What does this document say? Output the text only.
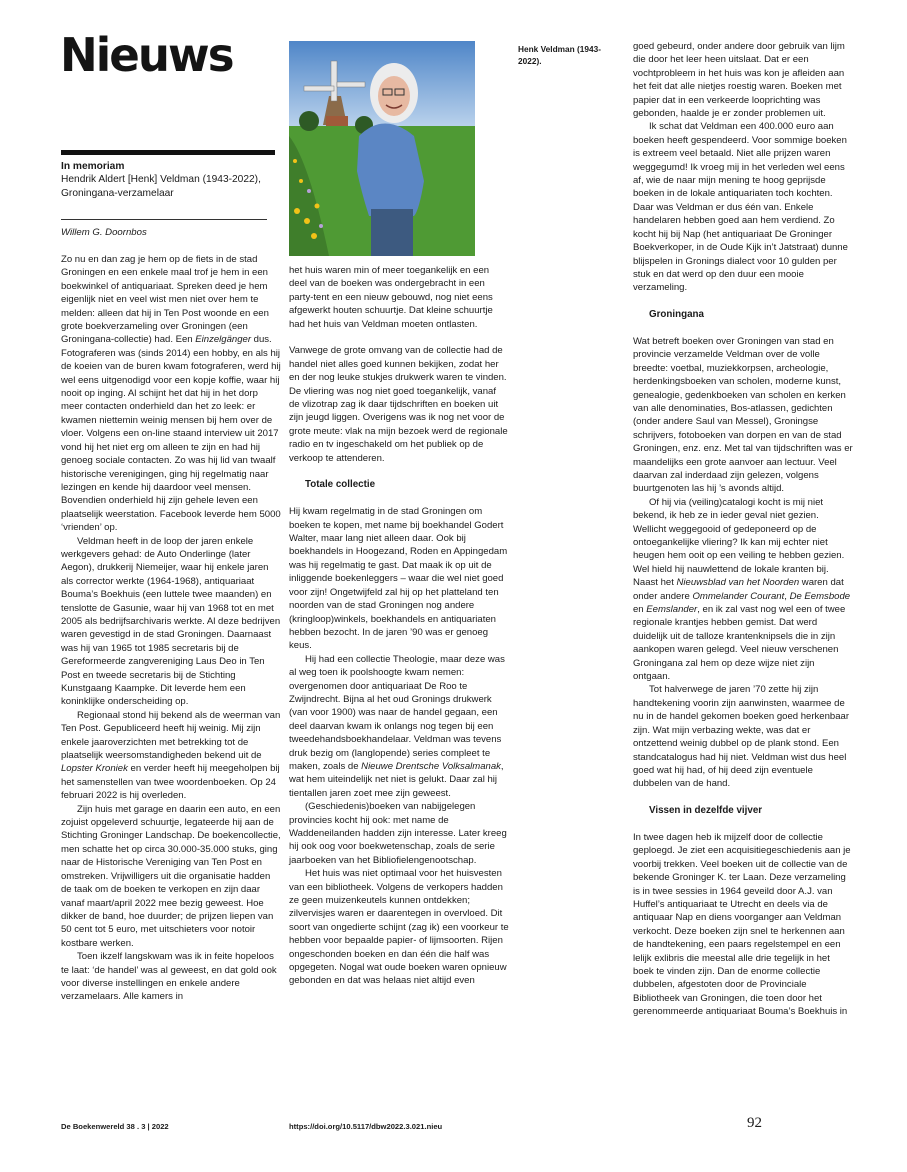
Nieuws
In memoriam
Hendrik Aldert [Henk] Veldman (1943-2022), Groningana-verzamelaar
Willem G. Doornbos
Henk Veldman (1943-2022).

Zo nu en dan zag je hem op de fiets in de stad Groningen en een enkele maal trof je hem in een boekwinkel of antiquariaat. Spreken deed je hem eigenlijk niet en veel wist men niet over hem te melden: alleen dat hij in Ten Post woonde en een grote boekverzameling over Groningen (een Groningana-collectie) had. Een Einzelgänger dus. Fotograferen was (sinds 2014) een hobby, en als hij de koeien van de buren kwam fotograferen, werd hij wel eens uitgenodigd voor een kopje koffie, waar hij nooit op inging. Al schijnt het dat hij in het dorp meer contacten onderhield dan het zo leek: er kwamen niettemin weinig mensen bij hem over de vloer. Volgens een on-line staand interview uit 2017 vond hij het niet erg om alleen te zijn en had hij genoeg sociale contacten. Zo was hij lid van twaalf historische verenigingen, ging hij regelmatig naar lezingen en kende hij daardoor veel mensen. Bovendien onderhield hij zijn gehele leven een plaatselijk weerstation. Facebook leverde hem 5000 ‘vrienden’ op.

Veldman heeft in de loop der jaren enkele werkgevers gehad: de Auto Onderlinge (later Aegon), drukkerij Niemeijer, waar hij enkele jaren als corrector werkte (1964-1968), antiquariaat Bouma’s Boekhuis (een luttele twee maanden) en tenslotte de Gasunie, waar hij van 1968 tot en met 2005 als bedrijfsarchivaris werkte. Al deze bedrijven waren gevestigd in de stad Groningen. Daarnaast was hij van 1965 tot 1985 secretaris bij de Gereformeerde zangvereniging Laus Deo in Ten Post en tweede secretaris bij de Stichting Kunstgaang Kaampke. Dit leverde hem een koninklijke onderscheiding op.

Regionaal stond hij bekend als de weerman van Ten Post. Gepubliceerd heeft hij weinig. Mij zijn enkele jaaroverzichten met betrekking tot de plaatselijk weersomstandigheden bekend uit de Lopster Kroniek en verder heeft hij meegeholpen bij het samenstellen van twee woordenboeken. Op 24 februari 2022 is hij overleden.

Zijn huis met garage en daarin een auto, en een zojuist opgeleverd schuurtje, legateerde hij aan de Stichting Groninger Landschap. De boekencollectie, men schatte het op circa 30.000-35.000 stuks, ging naar de Historische Vereniging van Ten Post en omstreken. Vrijwilligers uit die organisatie hadden de taak om de boeken te verkopen en zijn daar vanaf maart/april 2022 mee bezig geweest. Hoe dikker de band, hoe duurder; de prijzen liepen van 50 cent tot 5 euro, met uitschieters voor notoir kostbare werken.

Toen ikzelf langskwam was ik in feite hopeloos te laat: ‘de handel’ was al geweest, en dat gold ook voor diverse instellingen en enkele andere verzamelaars. Alle kamers in

het huis waren min of meer toegankelijk en een deel van de boeken was ondergebracht in een party-tent en een nieuw gebouwd, nog niet eens afgewerkt houten schuurtje. Dat kleine schuurtje had het huis van Veldman moeten ontlasten.

Vanwege de grote omvang van de collectie had de handel niet alles goed kunnen bekijken, zodat her en der nog leuke stukjes drukwerk waren te vinden. De vliering was nog niet goed toegankelijk, vanaf de vlizotrap zag ik daar tijdschriften en boeken uit zijn jeugd liggen. Overigens was ik nog net voor de grote meute: vlak na mijn bezoek werd de regionale radio en tv ingeschakeld om het publiek op de verkoop te attenderen.

Totale collectie

Hij kwam regelmatig in de stad Groningen om boeken te kopen, met name bij boekhandel Godert Walter, maar lang niet alleen daar. Ook bij boekhandels in Hoogezand, Roden en Appingedam was hij regelmatig te gast. Dat maak ik op uit de inliggende boekenleggers – waar die wel niet goed voor zijn! Ongetwijfeld zal hij op het platteland ten noorden van de stad Groningen nog andere (kringloop)winkels, boekhandels en antiquariaten hebben bezocht. In de jaren ’90 was er genoeg keus.

Hij had een collectie Theologie, maar deze was al weg toen ik poolshoogte kwam nemen: overgenomen door antiquariaat De Roo te Zwijndrecht. Bijna al het oud Gronings drukwerk (van voor 1900) was naar de handel gegaan, een deel daarvan kwam ik onlangs nog tegen bij een tweedehandsboekhandelaar. Veldman was tevens druk bezig om (langlopende) series compleet te maken, zoals de Nieuwe Drentsche Volksalmanak, wat hem uiteindelijk net niet is gelukt. Daar zal hij tientallen jaren zoet mee zijn geweest.

(Geschiedenis)boeken van nabijgelegen provincies kocht hij ook: met name de Waddeneilanden hadden zijn interesse. Later kreeg hij ook oog voor boekwetenschap, zoals de serie jaarboeken van het Bibliofielengenootschap.

Het huis was niet optimaal voor het huisvesten van een bibliotheek. Volgens de verkopers hadden ze geen muizenkeutels kunnen ontdekken; zilvervisjes waren er daarentegen in overvloed. Dit soort van ongedierte schijnt (zag ik) een voorkeur te hebben voor bepaalde papier- of lijmsoorten. Rijen ongeschonden boeken en dan één die half was opgegeten. Nogal wat oude boeken waren opnieuw gebonden en dat was helaas niet altijd even

goed gebeurd, onder andere door gebruik van lijm die door het leer heen uitslaat. Dat er een vochtprobleem in het huis was kon je afleiden aan het feit dat alle nietjes roestig waren. Boeken met papier dat in een verkeerde looprichting was gebonden, haalde je er zonder problemen uit.

Ik schat dat Veldman een 400.000 euro aan boeken heeft gespendeerd. Voor sommige boeken is extreem veel betaald. Niet alle prijzen waren weggegumd! Ik vroeg mij in het verleden wel eens af, wie de naar mijn mening te hoog geprijsde boeken in de lokale antiquariaten toch kochten. Daar was Veldman er dus één van. Enkele handelaren hebben goed aan hem verdiend. Zo kocht hij bij Nap (het antiquariaat De Groninger Boekverkoper, in de Oude Kijk in’t Jatstraat) dunne blijspelen in Gronings dialect voor 10 gulden per stuk en dat werd op den duur een mooie verzameling.

Groningana

Wat betreft boeken over Groningen van stad en provincie verzamelde Veldman over de volle breedte: voetbal, muziekkorpsen, archeologie, herdenkingsboeken van scholen, moderne kunst, genealogie, gedenkboeken van scholen en kerken van alle denominaties, Bos-atlassen, gedichten (onder andere Saul van Messel), Groningse schrijvers, fotoboeken van dorpen en van de stad Groningen, enz. enz. Met tal van tijdschriften was er maandelijks een grote aanvoer aan lectuur. Veel daarvan zal inderdaad zijn gelezen, volgens buurtgenoten las hij ’s avonds altijd.

Of hij via (veiling)catalogi kocht is mij niet bekend, ik heb ze in ieder geval niet gezien. Wellicht weggegooid of gedeponeerd op de ontoegankelijke vliering? Ik kan mij echter niet heugen hem ooit op een veiling te hebben gezien. Wel hield hij nauwlettend de lokale kranten bij. Naast het Nieuwsblad van het Noorden waren dat onder andere Ommelander Courant, De Eemsbode en Eemslander, en ik zal vast nog wel een of twee regionale krantjes hebben gemist. Dat werd duidelijk uit de talloze krantenknipsels die in zijn aankopen waren gelegd. Veel nieuw verschenen Groningana zal hem op deze wijze niet zijn ontgaan.

Tot halverwege de jaren ’70 zette hij zijn handtekening voorin zijn aanwinsten, waarmee de nu in de handel gekomen boeken goed herkenbaar zijn. Wat mijn verbazing wekte, was dat er ontzettend weinig dubbel op de plank stond. Een standcatalogus had hij niet. Veldman wist dus heel goed wat hij had, of hij deed zijn eventuele dubbelen van de hand.

Vissen in dezelfde vijver

In twee dagen heb ik mijzelf door de collectie geploegd. Je ziet een acquisitiegeschiedenis aan je voorbij trekken. Veel boeken uit de collectie van de bekende Groninger K. ter Laan. Deze verzameling is in twee sessies in 1964 geveild door A.J. van Huffel’s antiquariaat te Utrecht en deels via de antiquaar Nap en diens voorganger aan Veldman verkocht. Deze boeken zijn snel te herkennen aan de handtekening, een paars regelstempel en een lelijk exlibris die meestal alle drie tegelijk in het boek te vinden zijn. Dan de enorme collectie dubbelen, afgestoten door de Provinciale Bibliotheek van Groningen, die toen door het gerenommeerde antiquariaat Bouma’s Boekhuis in

De Boekenwereld 38 . 3 | 2022	https://doi.org/10.5117/dbw2022.3.021.nieu	92
